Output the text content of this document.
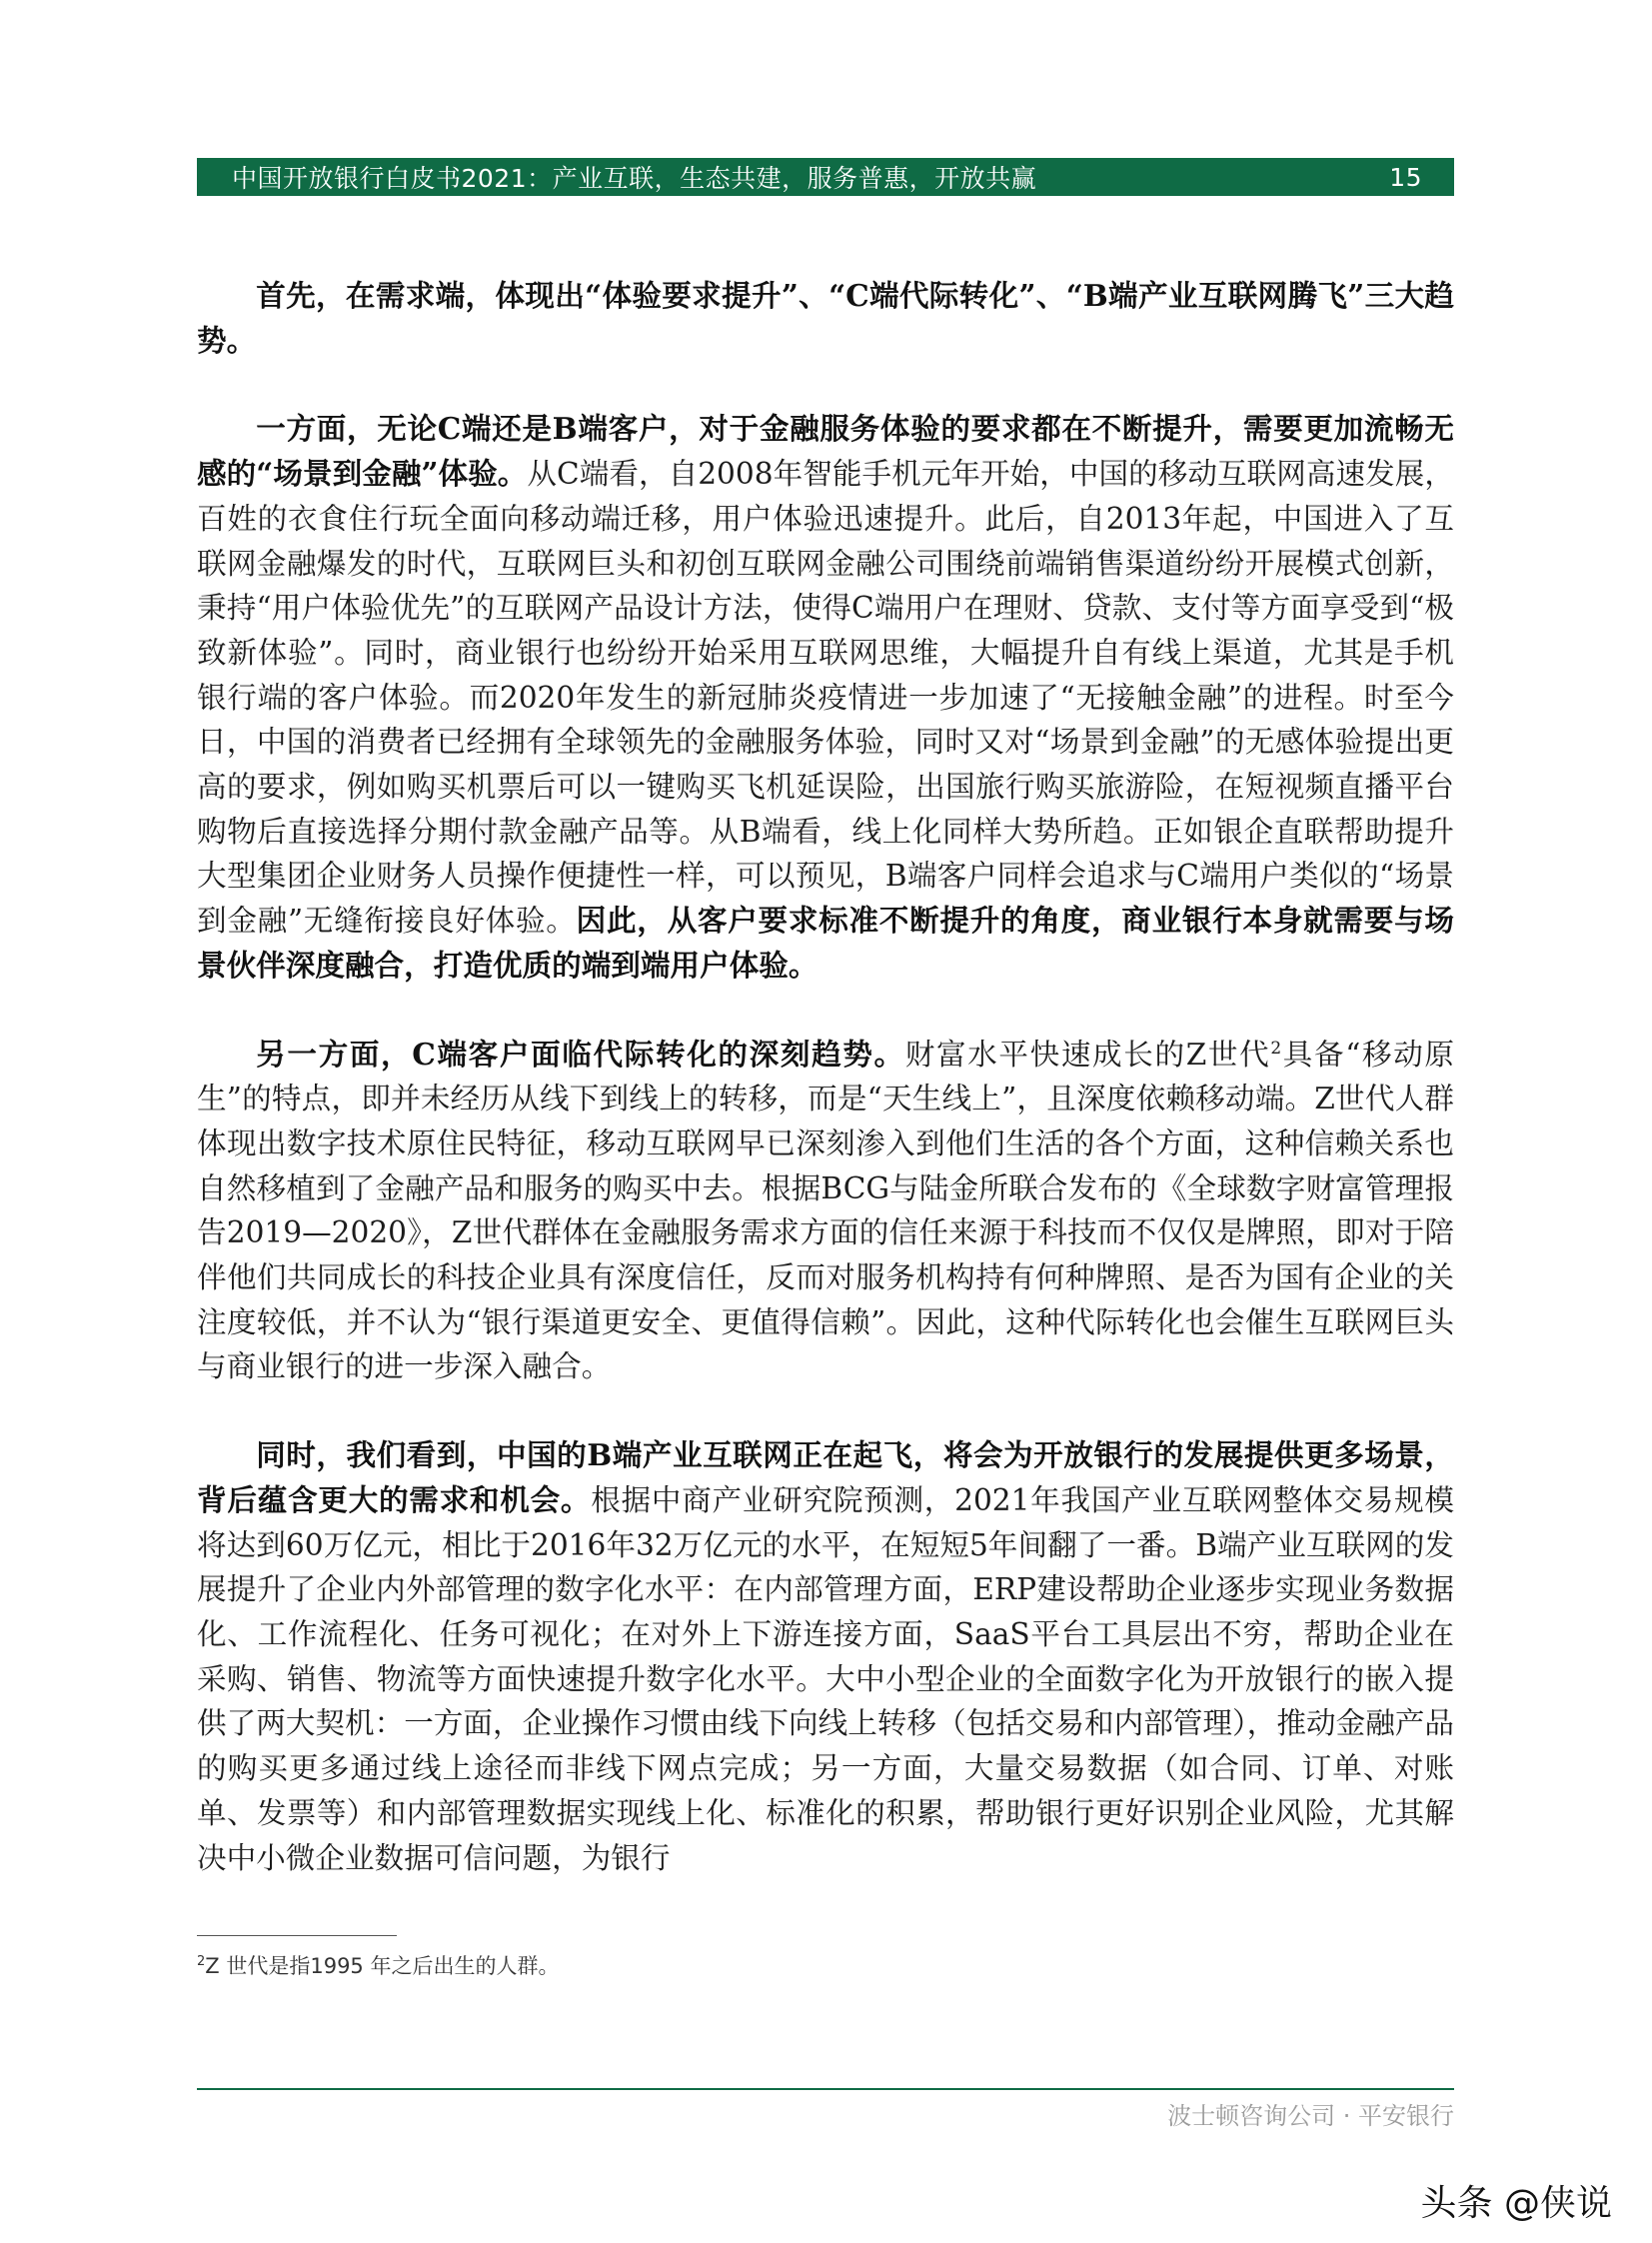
中国开放银行白皮书2021：产业互联，生态共建，服务普惠，开放共赢	15

首先，在需求端，体现出“体验要求提升”、“C端代际转化”、“B端产业互联网腾飞”三大趋势。

一方面，无论C端还是B端客户，对于金融服务体验的要求都在不断提升，需要更加流畅无感的“场景到金融”体验。从C端看，自2008年智能手机元年开始，中国的移动互联网高速发展，百姓的衣食住行玩全面向移动端迁移，用户体验迅速提升。此后，自2013年起，中国进入了互联网金融爆发的时代，互联网巨头和初创互联网金融公司围绕前端销售渠道纷纷开展模式创新，秉持“用户体验优先”的互联网产品设计方法，使得C端用户在理财、贷款、支付等方面享受到“极致新体验”。同时，商业银行也纷纷开始采用互联网思维，大幅提升自有线上渠道，尤其是手机银行端的客户体验。而2020年发生的新冠肺炎疫情进一步加速了“无接触金融”的进程。时至今日，中国的消费者已经拥有全球领先的金融服务体验，同时又对“场景到金融”的无感体验提出更高的要求，例如购买机票后可以一键购买飞机延误险，出国旅行购买旅游险，在短视频直播平台购物后直接选择分期付款金融产品等。从B端看，线上化同样大势所趋。正如银企直联帮助提升大型集团企业财务人员操作便捷性一样，可以预见，B端客户同样会追求与C端用户类似的“场景到金融”无缝衔接良好体验。因此，从客户要求标准不断提升的角度，商业银行本身就需要与场景伙伴深度融合，打造优质的端到端用户体验。

另一方面，C端客户面临代际转化的深刻趋势。财富水平快速成长的Z世代$^2$具备“移动原生”的特点，即并未经历从线下到线上的转移，而是“天生线上”，且深度依赖移动端。Z世代人群体现出数字技术原住民特征，移动互联网早已深刻渗入到他们生活的各个方面，这种信赖关系也自然移植到了金融产品和服务的购买中去。根据BCG与陆金所联合发布的《全球数字财富管理报告2019—2020》，Z世代群体在金融服务需求方面的信任来源于科技而不仅仅是牌照，即对于陪伴他们共同成长的科技企业具有深度信任，反而对服务机构持有何种牌照、是否为国有企业的关注度较低，并不认为“银行渠道更安全、更值得信赖”。因此，这种代际转化也会催生互联网巨头与商业银行的进一步深入融合。

同时，我们看到，中国的B端产业互联网正在起飞，将会为开放银行的发展提供更多场景，背后蕴含更大的需求和机会。根据中商产业研究院预测，2021年我国产业互联网整体交易规模将达到60万亿元，相比于2016年32万亿元的水平，在短短5年间翻了一番。B端产业互联网的发展提升了企业内外部管理的数字化水平：在内部管理方面，ERP建设帮助企业逐步实现业务数据化、工作流程化、任务可视化；在对外上下游连接方面，SaaS平台工具层出不穷，帮助企业在采购、销售、物流等方面快速提升数字化水平。大中小型企业的全面数字化为开放银行的嵌入提供了两大契机：一方面，企业操作习惯由线下向线上转移（包括交易和内部管理），推动金融产品的购买更多通过线上途径而非线下网点完成；另一方面，大量交易数据（如合同、订单、对账单、发票等）和内部管理数据实现线上化、标准化的积累，帮助银行更好识别企业风险，尤其解决中小微企业数据可信问题，为银行

$^2$Z 世代是指1995 年之后出生的人群。
波士顿咨询公司 · 平安银行
头条 @侠说
